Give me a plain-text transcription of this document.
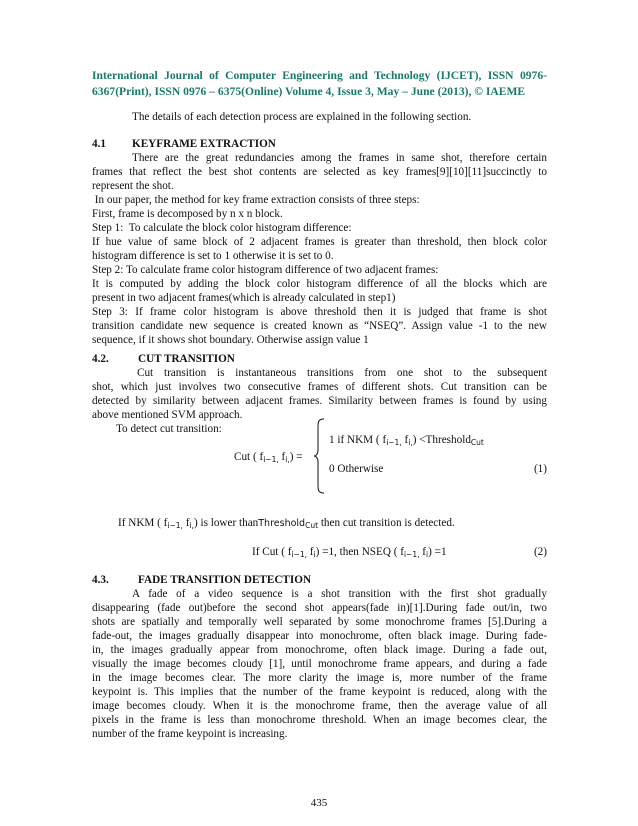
International Journal of Computer Engineering and Technology (IJCET), ISSN 0976-6367(Print), ISSN 0976 – 6375(Online) Volume 4, Issue 3, May – June (2013), © IAEME

The details of each detection process are explained in the following section.

4.1 KEYFRAME EXTRACTION

There are the great redundancies among the frames in same shot, therefore certain

frames that reflect the best shot contents are selected as key frames[9][10][11]succinctly to

represent the shot.

In our paper, the method for key frame extraction consists of three steps:

First, frame is decomposed by n x n block.

Step 1:  To calculate the block color histogram difference:

If hue value of same block of 2 adjacent frames is greater than threshold, then block color

histogram difference is set to 1 otherwise it is set to 0.

Step 2: To calculate frame color histogram difference of two adjacent frames:

It is computed by adding the block color histogram difference of all the blocks which are

present in two adjacent frames(which is already calculated in step1)

Step 3: If frame color histogram is above threshold then it is judged that frame is shot

transition candidate new sequence is created known as “NSEQ”. Assign value -1 to the new

sequence, if it shows shot boundary. Otherwise assign value 1

4.2.	CUT TRANSITION

Cut transition is instantaneous transitions from one shot to the subsequent

shot, which just involves two consecutive frames of different shots. Cut transition can be

detected by similarity between adjacent frames. Similarity between frames is found by using

above mentioned SVM approach.

To detect cut transition:

Cut ( fi−1, fi,) =

1 if NKM ( fi−1, fi,) <ThresholdCut

0 Otherwise	(1)

If NKM ( fi−1, fi,) is lower thanThresholdCut then cut transition is detected.

If Cut ( fi−1, fi) =1, then NSEQ ( fi−1, fi) =1	(2)

4.3.	FADE TRANSITION DETECTION

A fade of a video sequence is a shot transition with the first shot gradually

disappearing (fade out)before the second shot appears(fade in)[1].During fade out/in, two

shots are spatially and temporally well separated by some monochrome frames [5].During a

fade-out, the images gradually disappear into monochrome, often black image. During fade-

in, the images gradually appear from monochrome, often black image. During a fade out,

visually the image becomes cloudy [1], until monochrome frame appears, and during a fade

in the image becomes clear. The more clarity the image is, more number of the frame

keypoint is. This implies that the number of the frame keypoint is reduced, along with the

image becomes cloudy. When it is the monochrome frame, then the average value of all

pixels in the frame is less than monochrome threshold. When an image becomes clear, the

number of the frame keypoint is increasing.

435
